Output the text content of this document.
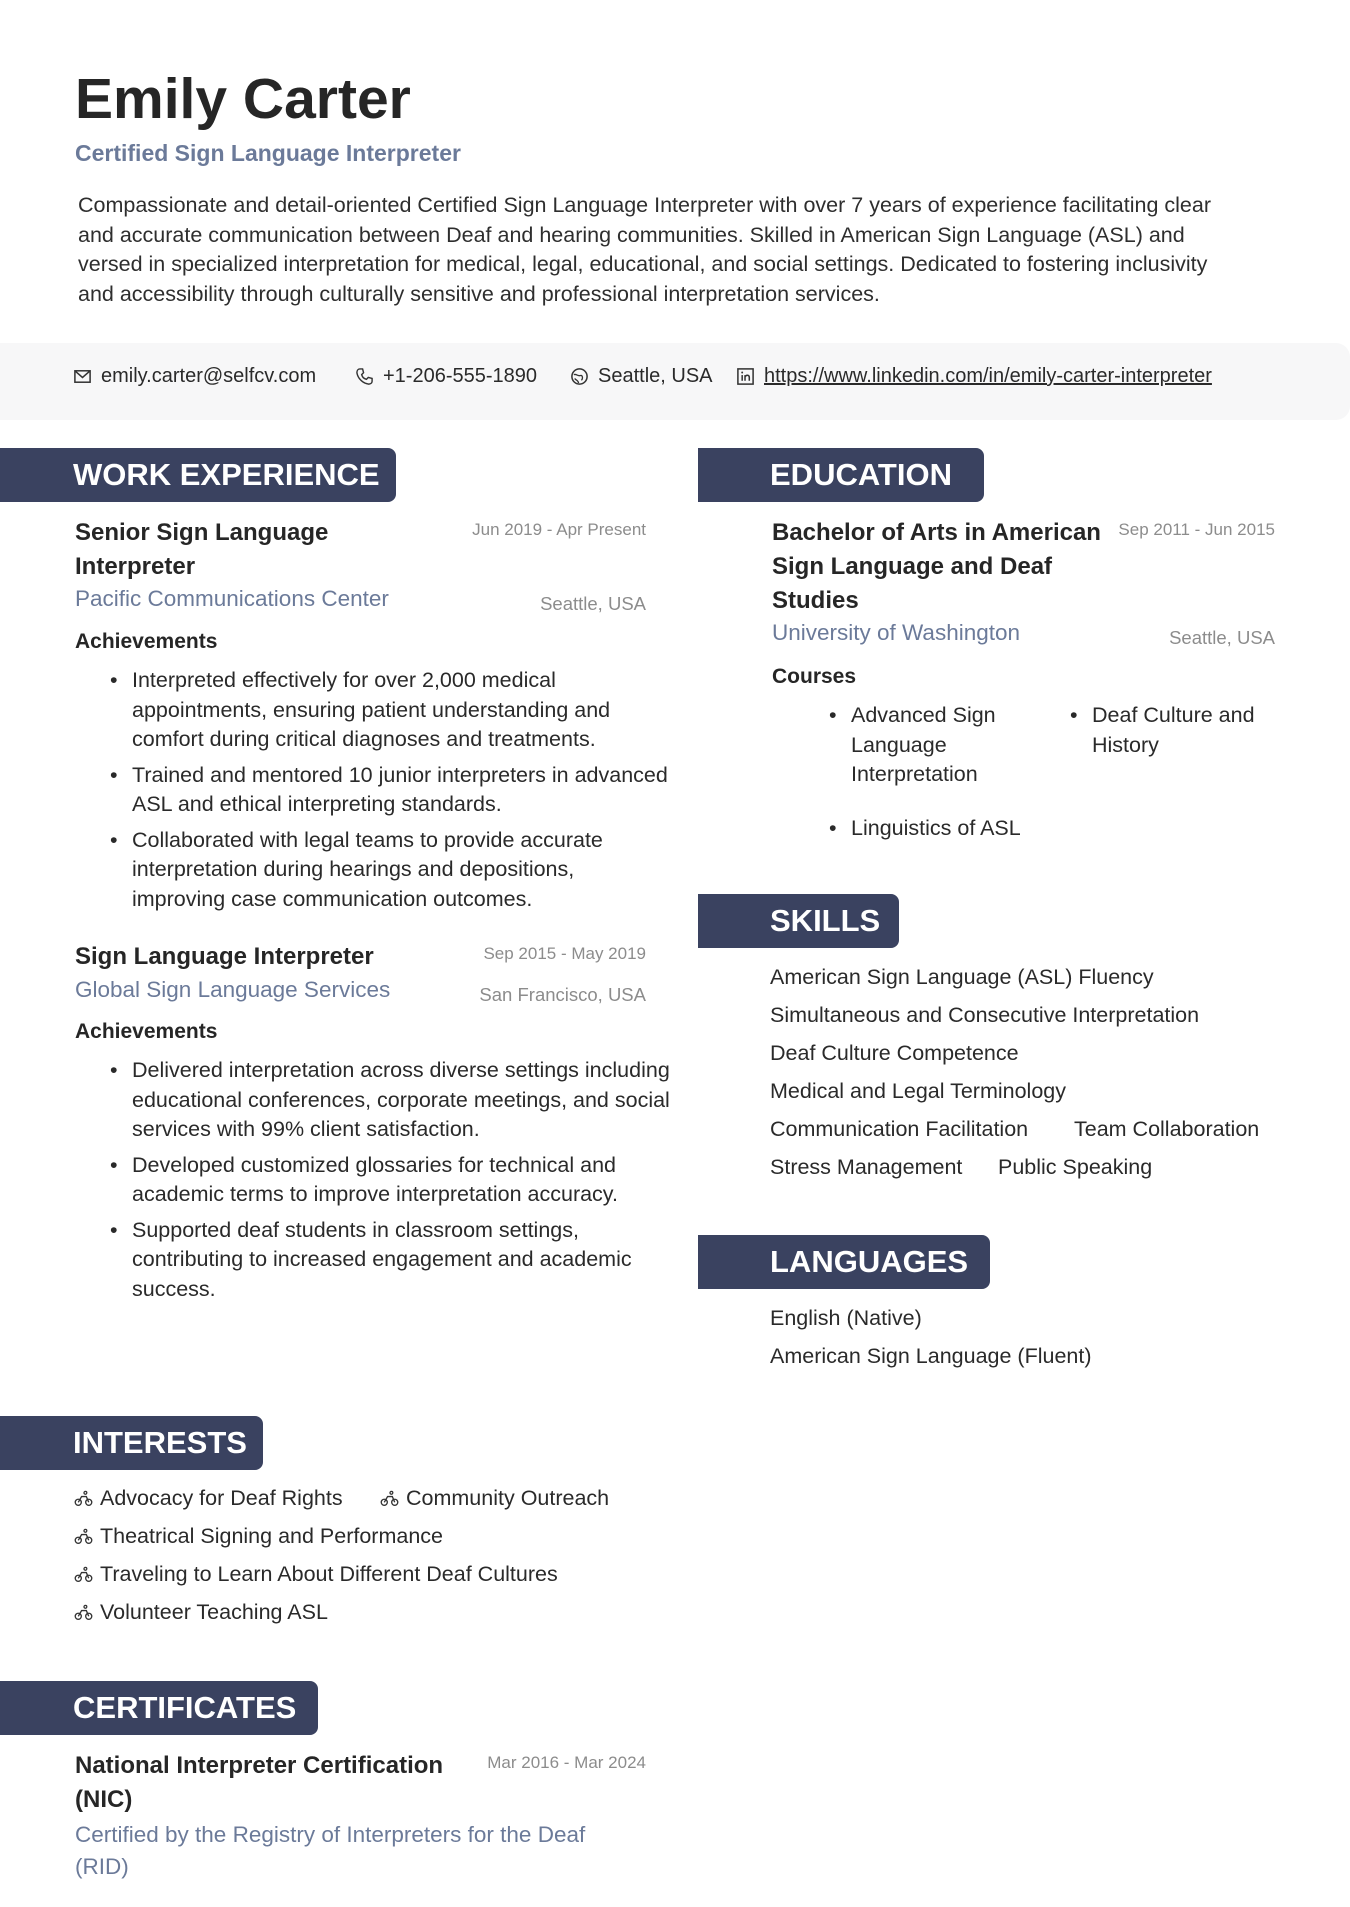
Emily Carter
Certified Sign Language Interpreter
Compassionate and detail-oriented Certified Sign Language Interpreter with over 7 years of experience facilitating clear and accurate communication between Deaf and hearing communities. Skilled in American Sign Language (ASL) and versed in specialized interpretation for medical, legal, educational, and social settings. Dedicated to fostering inclusivity and accessibility through culturally sensitive and professional interpretation services.
emily.carter@selfcv.com	+1-206-555-1890	Seattle, USA	https://www.linkedin.com/in/emily-carter-interpreter
WORK EXPERIENCE
Senior Sign Language Interpreter
Jun 2019 - Apr Present
Pacific Communications Center	Seattle, USA
Achievements
• Interpreted effectively for over 2,000 medical appointments, ensuring patient understanding and comfort during critical diagnoses and treatments.
• Trained and mentored 10 junior interpreters in advanced ASL and ethical interpreting standards.
• Collaborated with legal teams to provide accurate interpretation during hearings and depositions, improving case communication outcomes.
Sign Language Interpreter	Sep 2015 - May 2019
Global Sign Language Services	San Francisco, USA
Achievements
• Delivered interpretation across diverse settings including educational conferences, corporate meetings, and social services with 99% client satisfaction.
• Developed customized glossaries for technical and academic terms to improve interpretation accuracy.
• Supported deaf students in classroom settings, contributing to increased engagement and academic success.
EDUCATION
Bachelor of Arts in American Sign Language and Deaf Studies
Sep 2011 - Jun 2015
University of Washington	Seattle, USA
Courses
• Advanced Sign Language Interpretation
• Deaf Culture and History
• Linguistics of ASL
SKILLS
American Sign Language (ASL) Fluency
Simultaneous and Consecutive Interpretation
Deaf Culture Competence
Medical and Legal Terminology
Communication Facilitation Team Collaboration
Stress Management Public Speaking
LANGUAGES
English (Native)
American Sign Language (Fluent)
INTERESTS
Advocacy for Deaf Rights	Community Outreach
Theatrical Signing and Performance
Traveling to Learn About Different Deaf Cultures
Volunteer Teaching ASL
CERTIFICATES
National Interpreter Certification (NIC)
Mar 2016 - Mar 2024
Certified by the Registry of Interpreters for the Deaf (RID)
